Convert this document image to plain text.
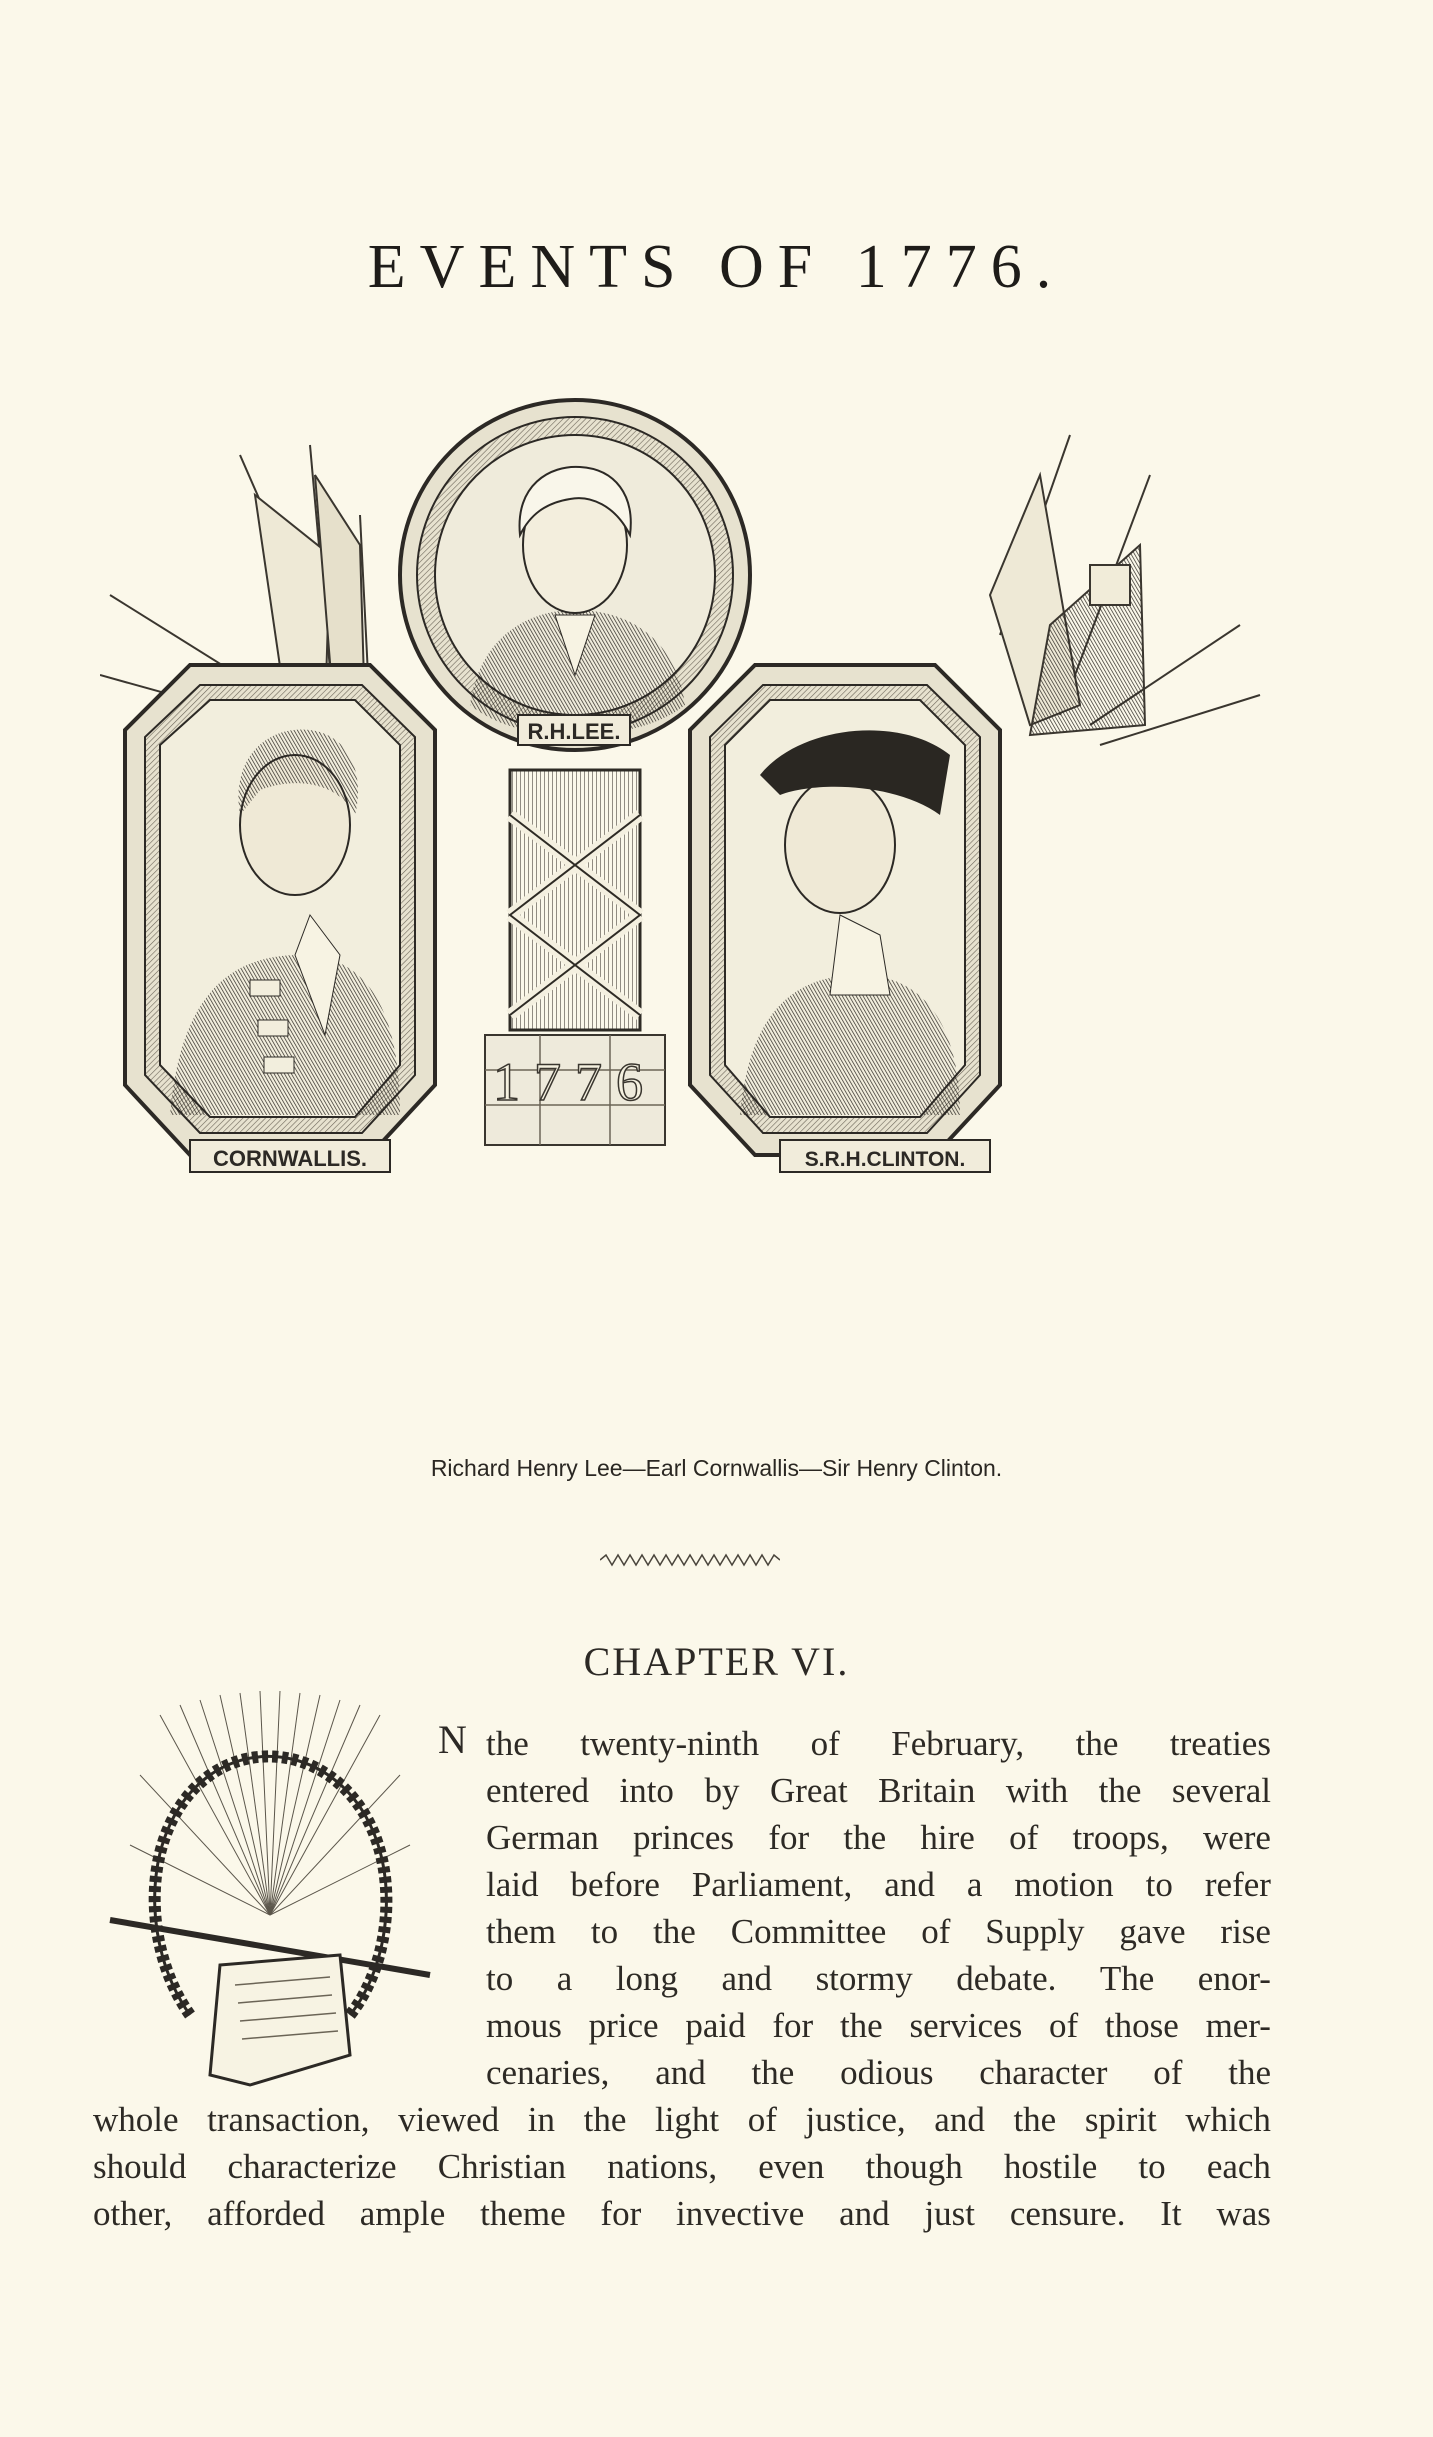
EVENTS OF 1776.
1776
CORNWALLIS.	S.R.H.CLINTON.
R.H.LEE.
Richard Henry Lee—Earl Cornwallis—Sir Henry Clinton.
CHAPTER VI.
N the twenty-ninth of February, the treaties
entered into by Great Britain with the several
German princes for the hire of troops, were
laid before Parliament, and a motion to refer
them to the Committee of Supply gave rise
to a long and stormy debate. The enor-
mous price paid for the services of those mer-
cenaries, and the odious character of the
whole transaction, viewed in the light of justice, and the spirit which
should characterize Christian nations, even though hostile to each
other, afforded ample theme for invective and just censure. It was
